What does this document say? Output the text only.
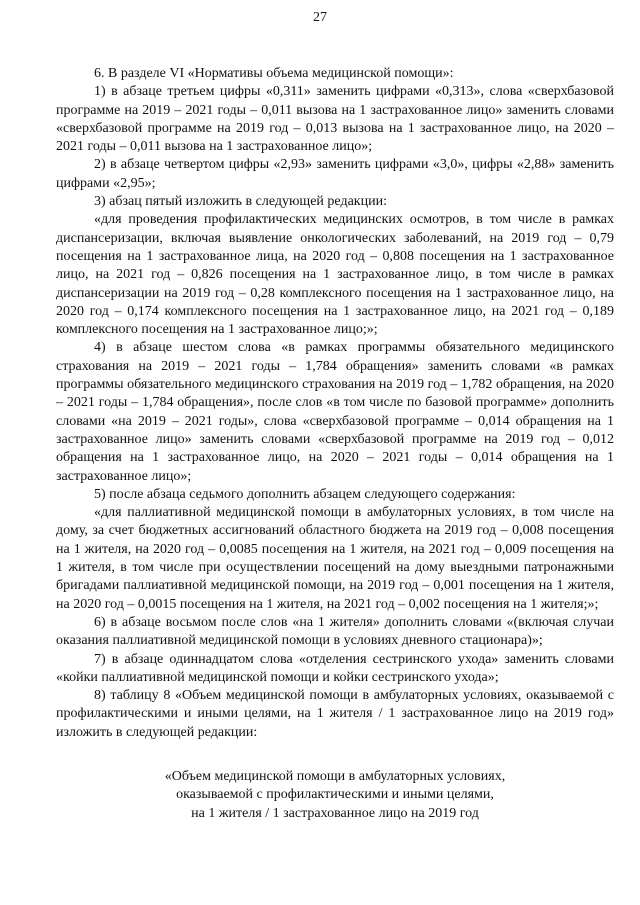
27

6. В разделе VI «Нормативы объема медицинской помощи»:

1) в абзаце третьем цифры «0,311» заменить цифрами «0,313», слова «сверхбазовой программе на 2019 – 2021 годы – 0,011 вызова на 1 застрахованное лицо» заменить словами «сверхбазовой программе на 2019 год – 0,013 вызова на 1 застрахованное лицо, на 2020 – 2021 годы – 0,011 вызова на 1 застрахованное лицо»;

2) в абзаце четвертом цифры «2,93» заменить цифрами «3,0», цифры «2,88» заменить цифрами «2,95»;

3) абзац пятый изложить в следующей редакции:

«для проведения профилактических медицинских осмотров, в том числе в рамках диспансеризации, включая выявление онкологических заболеваний, на 2019 год – 0,79 посещения на 1 застрахованное лица, на 2020 год – 0,808 посещения на 1 застрахованное лицо, на 2021 год – 0,826 посещения на 1 застрахованное лицо, в том числе в рамках диспансеризации на 2019 год – 0,28 комплексного посещения на 1 застрахованное лицо, на 2020 год – 0,174 комплексного посещения на 1 застрахованное лицо, на 2021 год – 0,189 комплексного посещения на 1 застрахованное лицо;»;

4) в абзаце шестом слова «в рамках программы обязательного медицинского страхования на 2019 – 2021 годы – 1,784 обращения» заменить словами «в рамках программы обязательного медицинского страхования на 2019 год – 1,782 обращения, на 2020 – 2021 годы – 1,784 обращения», после слов «в том числе по базовой программе» дополнить словами «на 2019 – 2021 годы», слова «сверхбазовой программе – 0,014 обращения на 1 застрахованное лицо» заменить словами «сверхбазовой программе на 2019 год – 0,012 обращения на 1 застрахованное лицо, на 2020 – 2021 годы – 0,014 обращения на 1 застрахованное лицо»;

5) после абзаца седьмого дополнить абзацем следующего содержания:

«для паллиативной медицинской помощи в амбулаторных условиях, в том числе на дому, за счет бюджетных ассигнований областного бюджета на 2019 год – 0,008 посещения на 1 жителя, на 2020 год – 0,0085 посещения на 1 жителя, на 2021 год – 0,009 посещения на 1 жителя, в том числе при осуществлении посещений на дому выездными патронажными бригадами паллиативной медицинской помощи, на 2019 год – 0,001 посещения на 1 жителя, на 2020 год – 0,0015 посещения на 1 жителя, на 2021 год – 0,002 посещения на 1 жителя;»;

6) в абзаце восьмом после слов «на 1 жителя» дополнить словами «(включая случаи оказания паллиативной медицинской помощи в условиях дневного стационара)»;

7) в абзаце одиннадцатом слова «отделения сестринского ухода» заменить словами «койки паллиативной медицинской помощи и койки сестринского ухода»;

8) таблицу 8 «Объем медицинской помощи в амбулаторных условиях, оказываемой с профилактическими и иными целями, на 1 жителя / 1 застрахованное лицо на 2019 год» изложить в следующей редакции:

«Объем медицинской помощи в амбулаторных условиях,
оказываемой с профилактическими и иными целями,
на 1 жителя / 1 застрахованное лицо на 2019 год
